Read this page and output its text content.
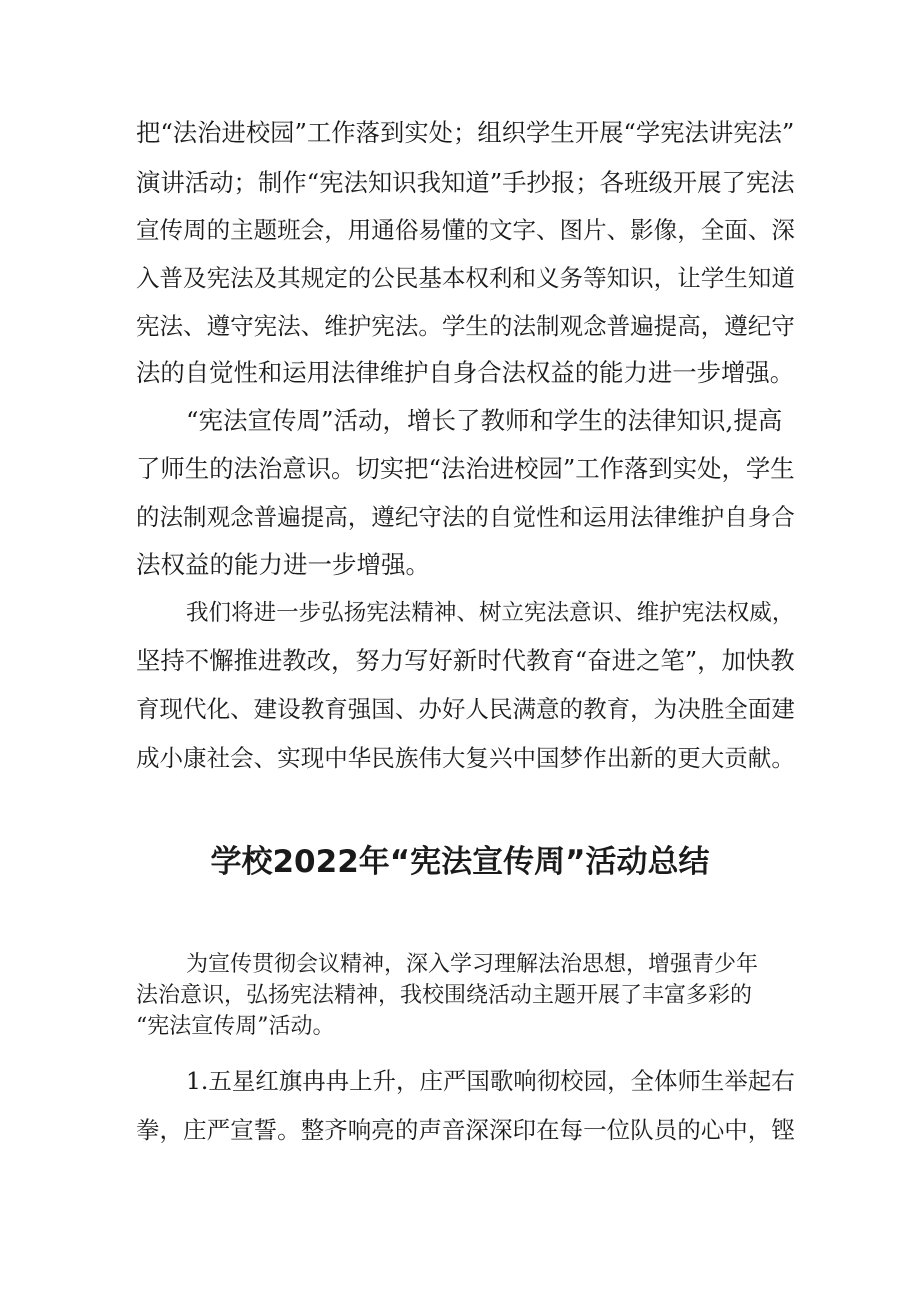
把“法治进校园”工作落到实处；组织学生开展“学宪法讲宪法”

演讲活动；制作“宪法知识我知道”手抄报；各班级开展了宪法

宣传周的主题班会，用通俗易懂的文字、图片、影像，全面、深

入普及宪法及其规定的公民基本权利和义务等知识，让学生知道

宪法、遵守宪法、维护宪法。学生的法制观念普遍提高，遵纪守

法的自觉性和运用法律维护自身合法权益的能力进一步增强。

“宪法宣传周”活动，增长了教师和学生的法律知识,提高

了师生的法治意识。切实把“法治进校园”工作落到实处，学生

的法制观念普遍提高，遵纪守法的自觉性和运用法律维护自身合

法权益的能力进一步增强。

我们将进一步弘扬宪法精神、树立宪法意识、维护宪法权威，

坚持不懈推进教改，努力写好新时代教育“奋进之笔”，加快教

育现代化、建设教育强国、办好人民满意的教育，为决胜全面建

成小康社会、实现中华民族伟大复兴中国梦作出新的更大贡献。

学校2022年“宪法宣传周”活动总结

为宣传贯彻会议精神，深入学习理解法治思想，增强青少年

法治意识，弘扬宪法精神，我校围绕活动主题开展了丰富多彩的

“宪法宣传周”活动。

1.五星红旗冉冉上升，庄严国歌响彻校园，全体师生举起右

拳，庄严宣誓。整齐响亮的声音深深印在每一位队员的心中，铿
